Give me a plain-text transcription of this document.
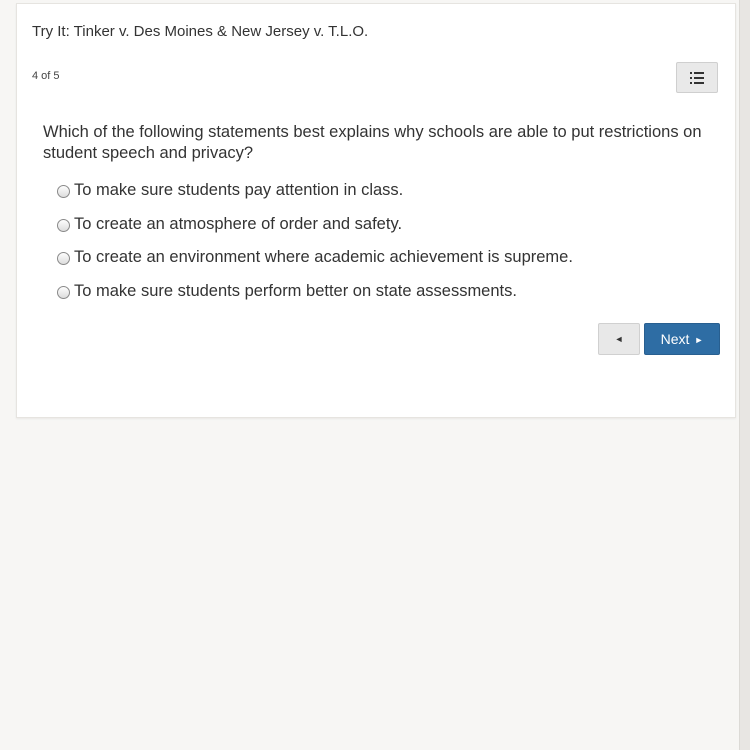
Try It: Tinker v. Des Moines & New Jersey v. T.L.O.
4 of 5
Which of the following statements best explains why schools are able to put restrictions on student speech and privacy?
To make sure students pay attention in class.
To create an atmosphere of order and safety.
To create an environment where academic achievement is supreme.
To make sure students perform better on state assessments.
◄	Next ►
